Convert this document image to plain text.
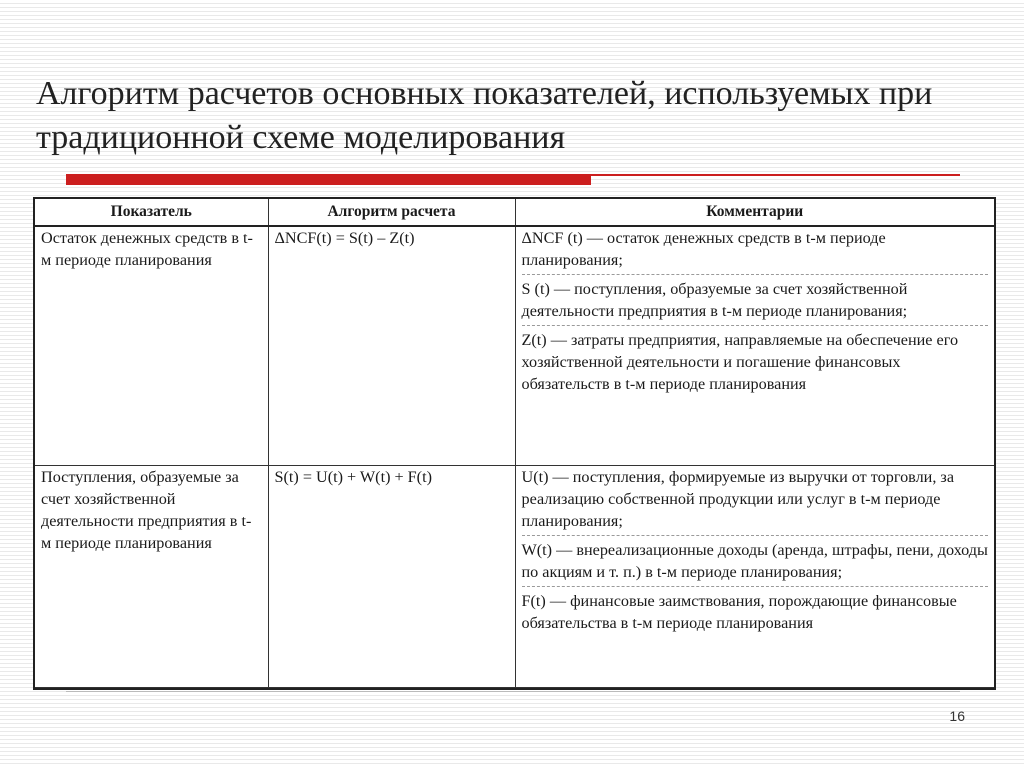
Алгоритм расчетов основных показателей, используемых при традиционной схеме моделирования
Показатель	Алгоритм расчета	Комментарии
Остаток денежных средств в t-м периоде планирования	ΔNCF(t) = S(t) – Z(t)	ΔNCF (t) — остаток денежных средств в t-м периоде планирования;
S (t) — поступления, образуемые за счет хозяйственной деятельности предприятия в t-м периоде планирования;
Z(t) — затраты предприятия, направляемые на обеспечение его хозяйственной деятельности и погашение финансовых обязательств в t-м периоде планирования

Поступления, образуемые за счет хозяйственной деятельности предприятия в t-м периоде планирования	S(t) = U(t) + W(t) + F(t)	U(t) — поступления, формируемые из выручки от торговли, за реализацию собственной продукции или услуг в t-м периоде планирования;
W(t) — внереализационные доходы (аренда, штрафы, пени, доходы по акциям и т. п.) в t-м периоде планирования;
F(t) — финансовые заимствования, порождающие финансовые обязательства в t-м периоде планирования
16
